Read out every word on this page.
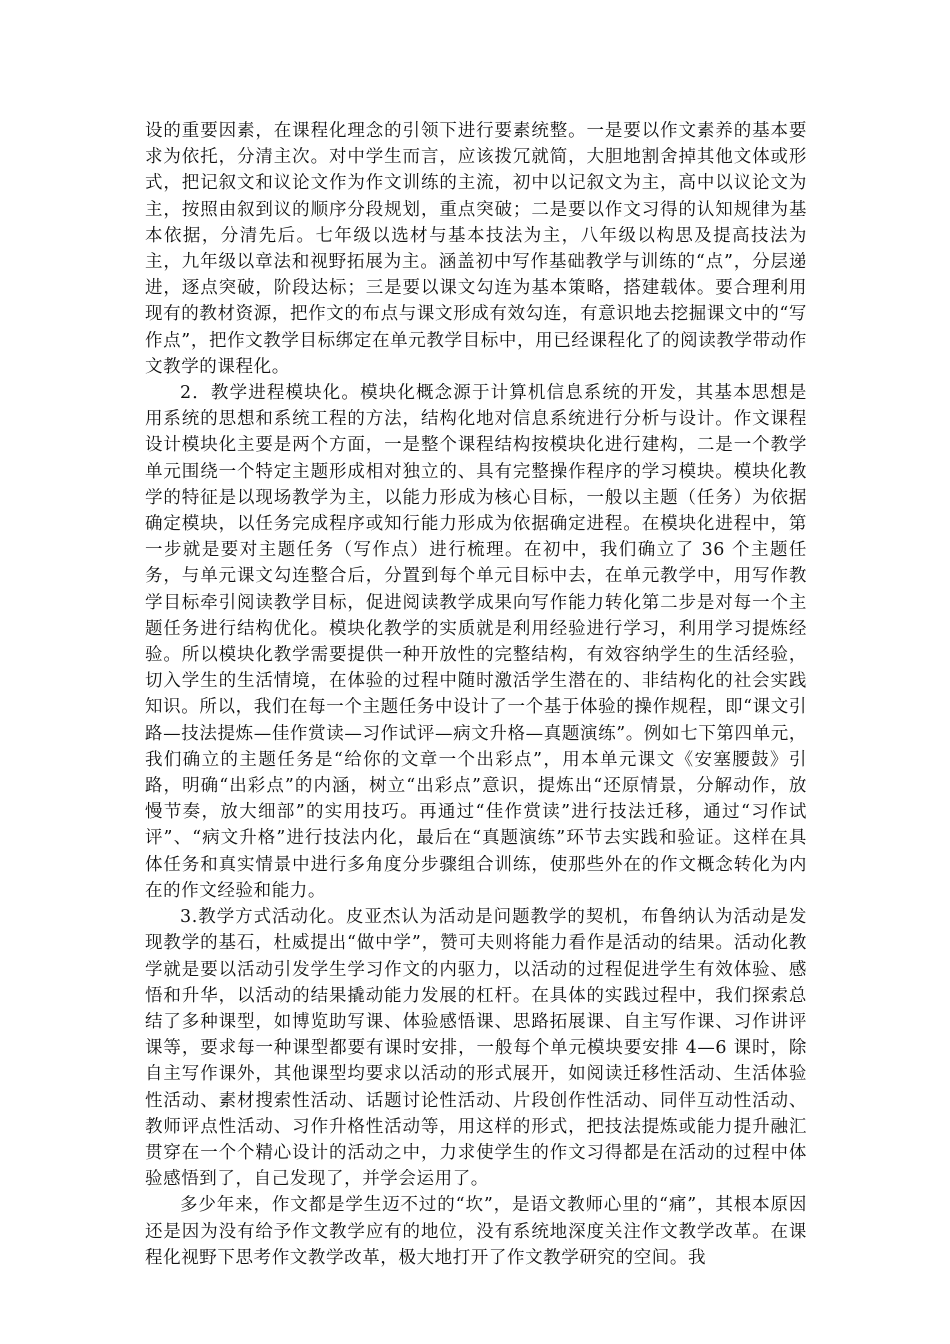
设的重要因素，在课程化理念的引领下进行要素统整。一是要以作文素养的基本要求为依托，分清主次。对中学生而言，应该拨冗就简，大胆地割舍掉其他文体或形式，把记叙文和议论文作为作文训练的主流，初中以记叙文为主，高中以议论文为主，按照由叙到议的顺序分段规划，重点突破；二是要以作文习得的认知规律为基本依据，分清先后。七年级以选材与基本技法为主，八年级以构思及提高技法为主，九年级以章法和视野拓展为主。涵盖初中写作基础教学与训练的“点”，分层递进，逐点突破，阶段达标；三是要以课文勾连为基本策略，搭建载体。要合理利用现有的教材资源，把作文的布点与课文形成有效勾连，有意识地去挖掘课文中的“写作点”，把作文教学目标绑定在单元教学目标中，用已经课程化了的阅读教学带动作文教学的课程化。

2．教学进程模块化。模块化概念源于计算机信息系统的开发，其基本思想是用系统的思想和系统工程的方法，结构化地对信息系统进行分析与设计。作文课程设计模块化主要是两个方面，一是整个课程结构按模块化进行建构，二是一个教学单元围绕一个特定主题形成相对独立的、具有完整操作程序的学习模块。模块化教学的特征是以现场教学为主，以能力形成为核心目标，一般以主题（任务）为依据确定模块，以任务完成程序或知行能力形成为依据确定进程。在模块化进程中，第一步就是要对主题任务（写作点）进行梳理。在初中，我们确立了 36 个主题任务，与单元课文勾连整合后，分置到每个单元目标中去，在单元教学中，用写作教学目标牵引阅读教学目标，促进阅读教学成果向写作能力转化第二步是对每一个主题任务进行结构优化。模块化教学的实质就是利用经验进行学习，利用学习提炼经验。所以模块化教学需要提供一种开放性的完整结构，有效容纳学生的生活经验，切入学生的生活情境，在体验的过程中随时激活学生潜在的、非结构化的社会实践知识。所以，我们在每一个主题任务中设计了一个基于体验的操作规程，即“课文引路—技法提炼—佳作赏读—习作试评—病文升格—真题演练”。例如七下第四单元，我们确立的主题任务是“给你的文章一个出彩点”，用本单元课文《安塞腰鼓》引路，明确“出彩点”的内涵，树立“出彩点”意识，提炼出“还原情景，分解动作，放慢节奏，放大细部”的实用技巧。再通过“佳作赏读”进行技法迁移，通过“习作试评”、“病文升格”进行技法内化，最后在“真题演练”环节去实践和验证。这样在具体任务和真实情景中进行多角度分步骤组合训练，使那些外在的作文概念转化为内在的作文经验和能力。

3.教学方式活动化。皮亚杰认为活动是问题教学的契机，布鲁纳认为活动是发现教学的基石，杜威提出“做中学”，赞可夫则将能力看作是活动的结果。活动化教学就是要以活动引发学生学习作文的内驱力，以活动的过程促进学生有效体验、感悟和升华，以活动的结果撬动能力发展的杠杆。在具体的实践过程中，我们探索总结了多种课型，如博览助写课、体验感悟课、思路拓展课、自主写作课、习作讲评课等，要求每一种课型都要有课时安排，一般每个单元模块要安排 4—6 课时，除自主写作课外，其他课型均要求以活动的形式展开，如阅读迁移性活动、生活体验性活动、素材搜索性活动、话题讨论性活动、片段创作性活动、同伴互动性活动、教师评点性活动、习作升格性活动等，用这样的形式，把技法提炼或能力提升融汇贯穿在一个个精心设计的活动之中，力求使学生的作文习得都是在活动的过程中体验感悟到了，自己发现了，并学会运用了。

多少年来，作文都是学生迈不过的“坎”，是语文教师心里的“痛”，其根本原因还是因为没有给予作文教学应有的地位，没有系统地深度关注作文教学改革。在课程化视野下思考作文教学改革，极大地打开了作文教学研究的空间。我
